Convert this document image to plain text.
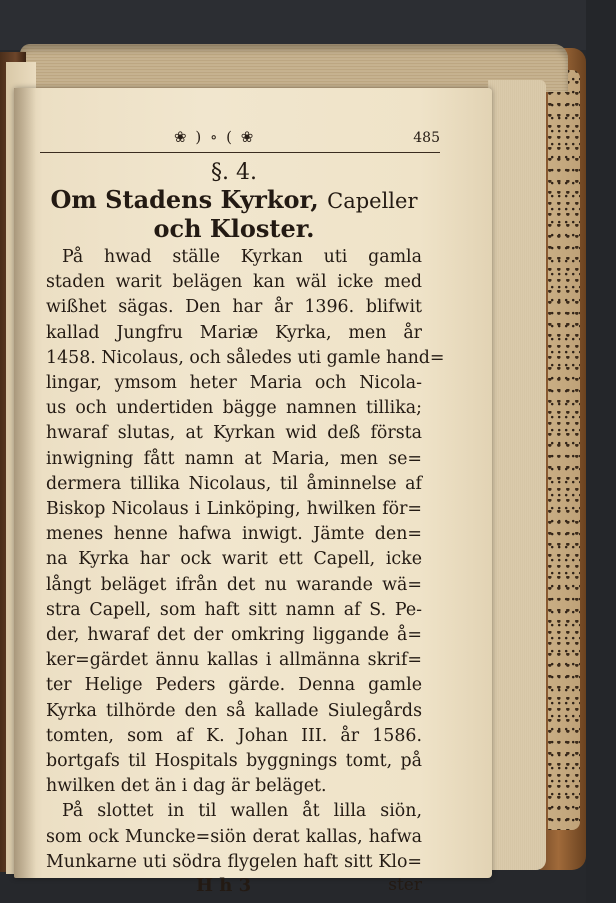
❀ ) ∘ ( ❀	485
§. 4.
Om Stadens Kyrkor, Capeller
och Kloster.
På hwad ställe Kyrkan uti gamla
staden warit belägen kan wäl icke med
wißhet sägas. Den har år 1396. blifwit
kallad Jungfru Mariæ Kyrka, men år
1458. Nicolaus, och således uti gamle hand=
lingar, ymsom heter Maria och Nicola-
us och undertiden bägge namnen tillika;
hwaraf slutas, at Kyrkan wid deß första
inwigning fått namn at Maria, men se=
dermera tillika Nicolaus, til åminnelse af
Biskop Nicolaus i Linköping, hwilken för=
menes henne hafwa inwigt. Jämte den=
na Kyrka har ock warit ett Capell, icke
långt beläget ifrån det nu warande wä=
stra Capell, som haft sitt namn af S. Pe-
der, hwaraf det der omkring liggande å=
ker=gärdet ännu kallas i allmänna skrif=
ter Helige Peders gärde. Denna gamle
Kyrka tilhörde den så kallade Siulegårds
tomten, som af K. Johan III. år 1586.
bortgafs til Hospitals byggnings tomt, på
hwilken det än i dag är beläget.
På slottet in til wallen åt lilla siön,
som ock Muncke=siön derat kallas, hafwa
Munkarne uti södra flygelen haft sitt Klo=
H h 3	ster
